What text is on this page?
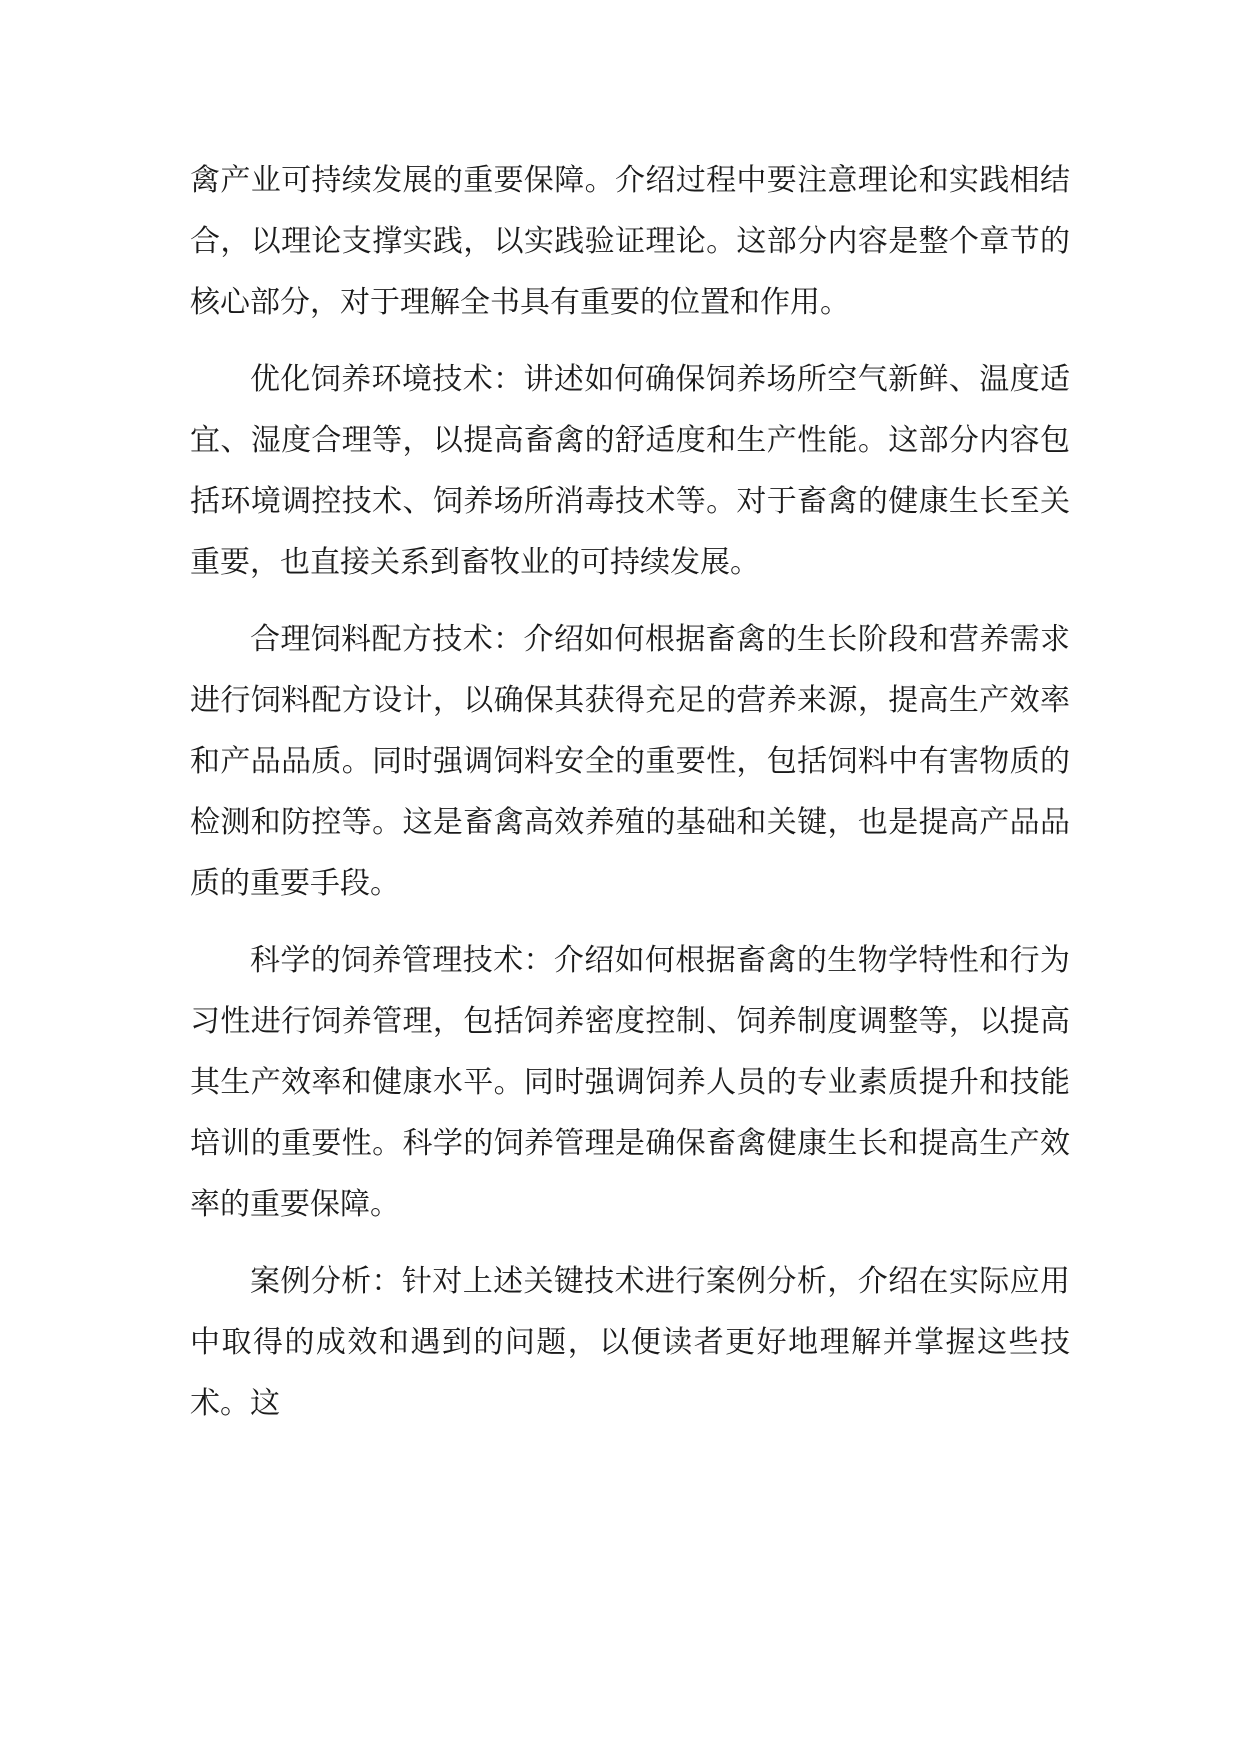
禽产业可持续发展的重要保障。介绍过程中要注意理论和实践相结合，以理论支撑实践，以实践验证理论。这部分内容是整个章节的核心部分，对于理解全书具有重要的位置和作用。

优化饲养环境技术：讲述如何确保饲养场所空气新鲜、温度适宜、湿度合理等，以提高畜禽的舒适度和生产性能。这部分内容包括环境调控技术、饲养场所消毒技术等。对于畜禽的健康生长至关重要，也直接关系到畜牧业的可持续发展。

合理饲料配方技术：介绍如何根据畜禽的生长阶段和营养需求进行饲料配方设计，以确保其获得充足的营养来源，提高生产效率和产品品质。同时强调饲料安全的重要性，包括饲料中有害物质的检测和防控等。这是畜禽高效养殖的基础和关键，也是提高产品品质的重要手段。

科学的饲养管理技术：介绍如何根据畜禽的生物学特性和行为习性进行饲养管理，包括饲养密度控制、饲养制度调整等，以提高其生产效率和健康水平。同时强调饲养人员的专业素质提升和技能培训的重要性。科学的饲养管理是确保畜禽健康生长和提高生产效率的重要保障。

案例分析：针对上述关键技术进行案例分析，介绍在实际应用中取得的成效和遇到的问题，以便读者更好地理解并掌握这些技术。这
